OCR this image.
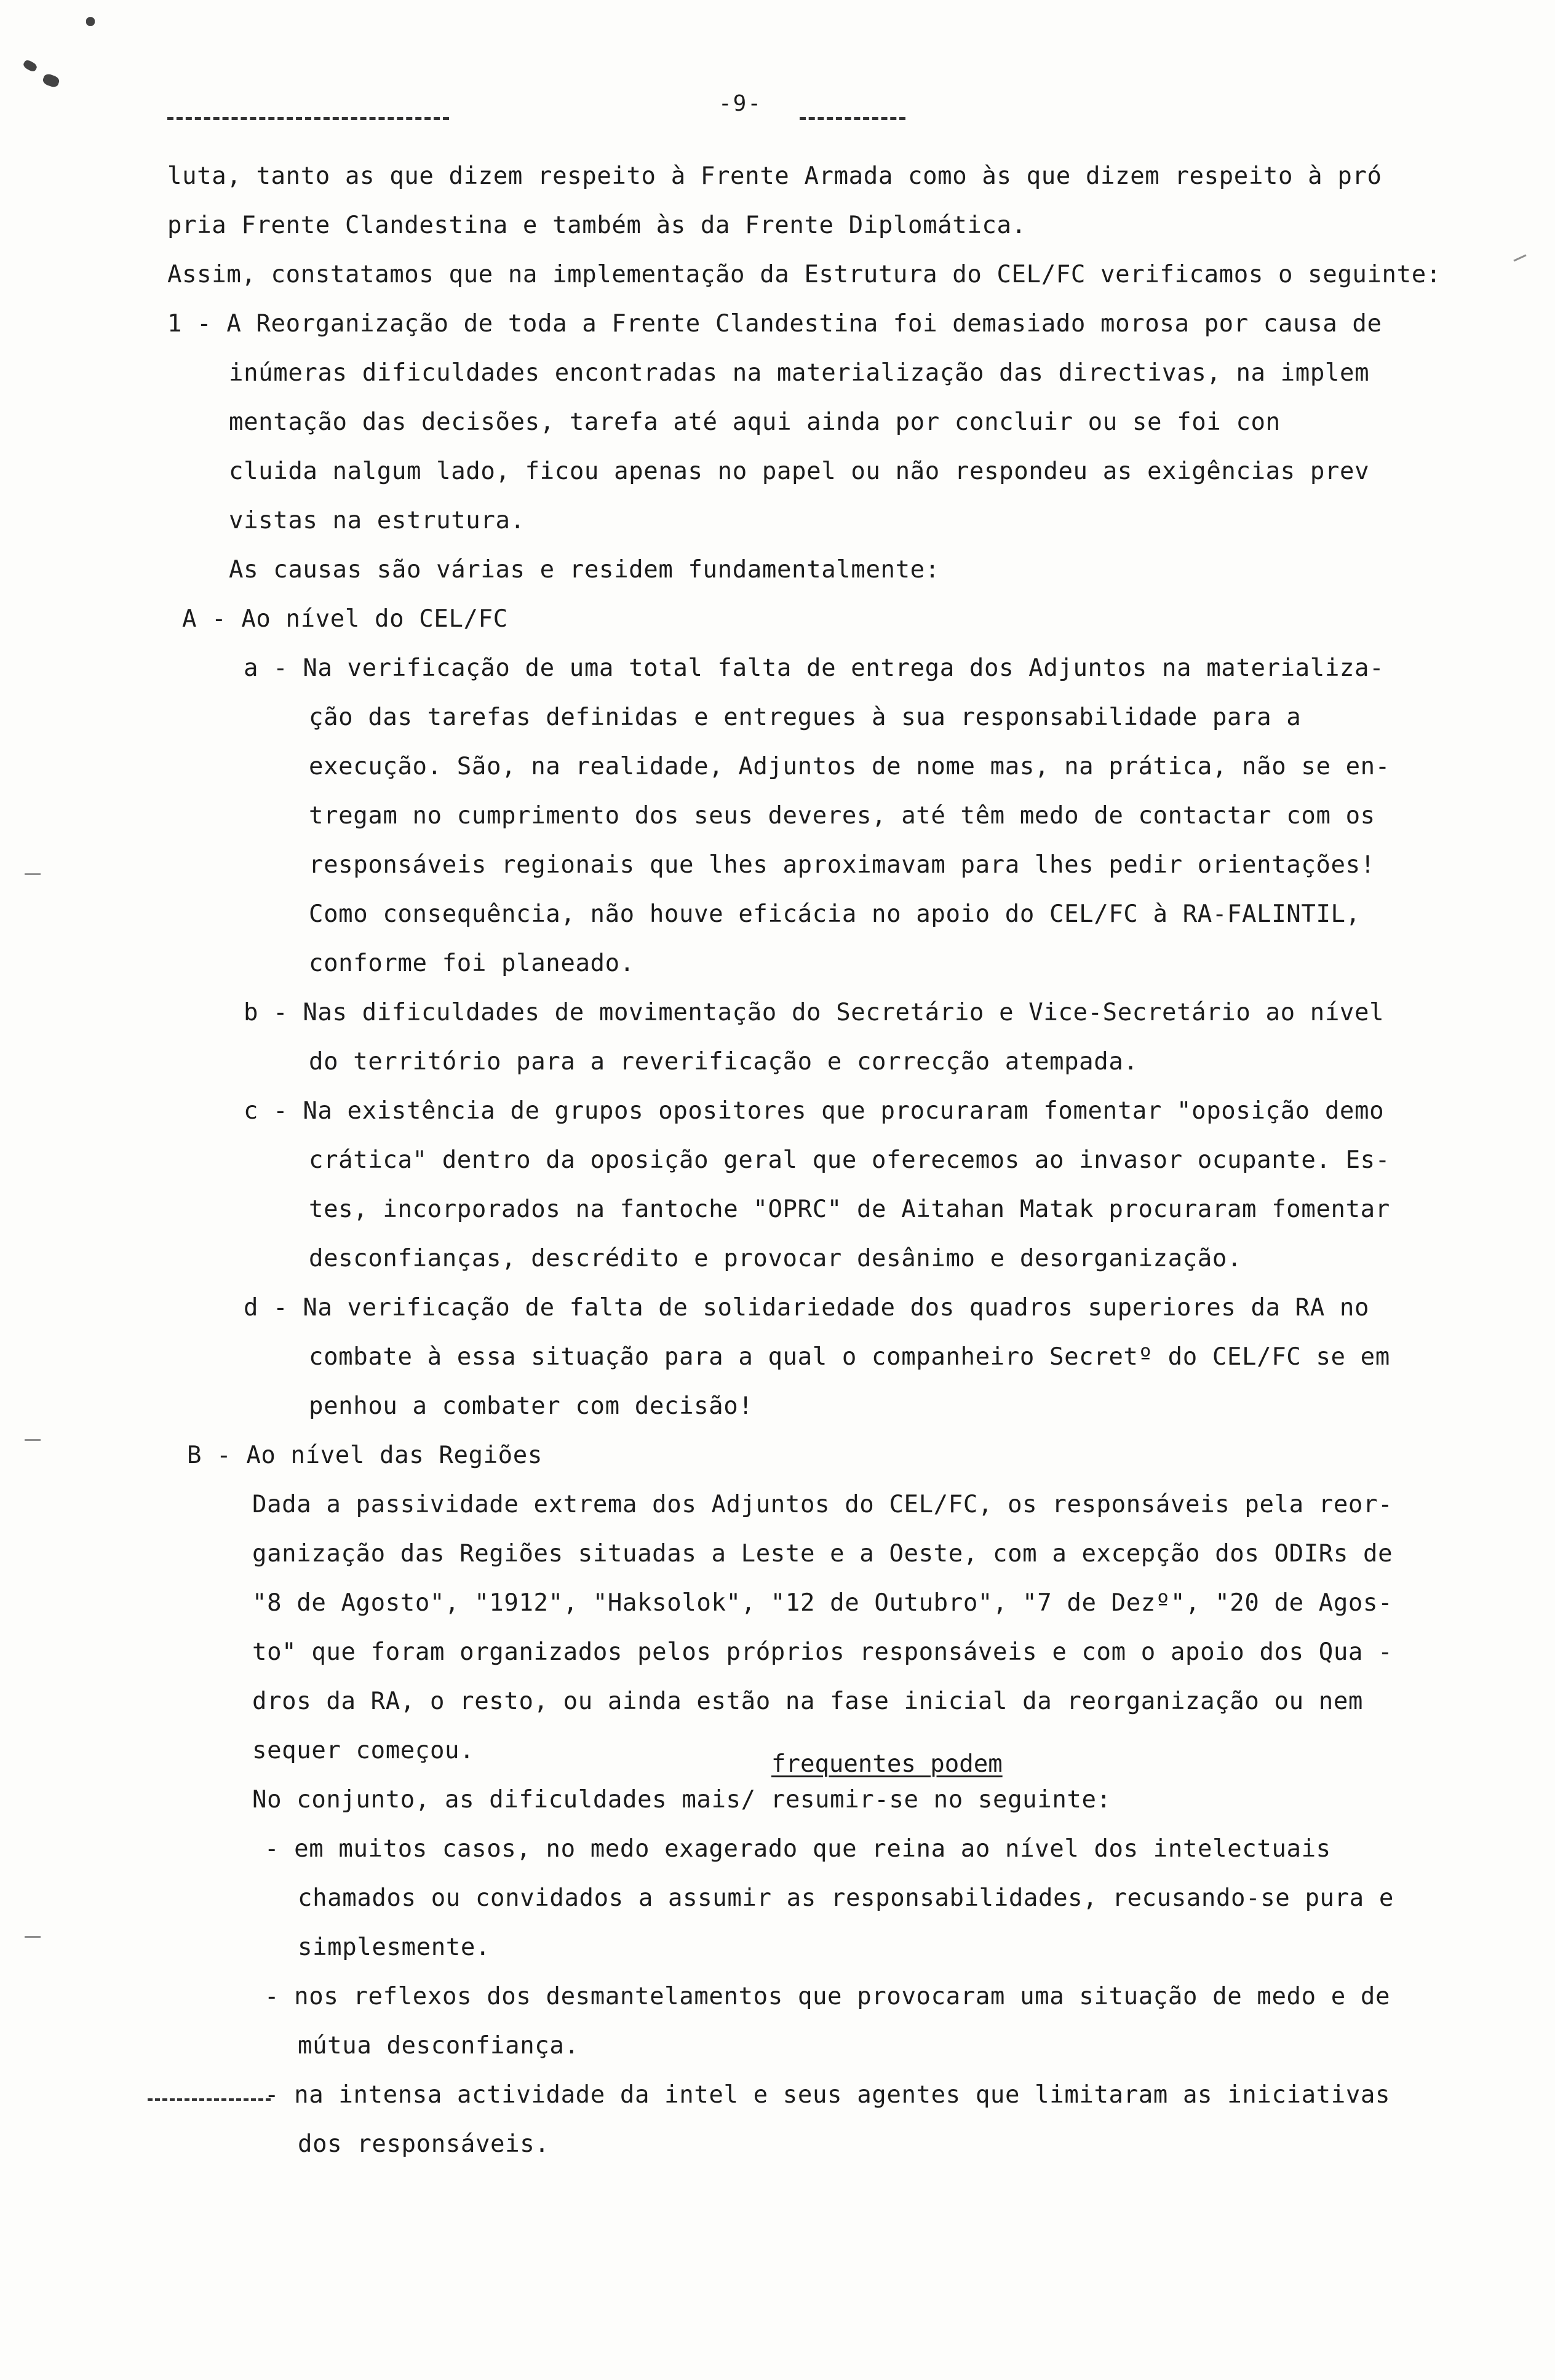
-9-
luta, tanto as que dizem respeito à Frente Armada como às que dizem respeito à pró
pria Frente Clandestina e também às da Frente Diplomática.
Assim, constatamos que na implementação da Estrutura do CEL/FC verificamos o seguinte:
1 - A Reorganização de toda a Frente Clandestina foi demasiado morosa por causa de
inúmeras dificuldades encontradas na materialização das directivas, na implem
mentação das decisões, tarefa até aqui ainda por concluir ou se foi con
cluida nalgum lado, ficou apenas no papel ou não respondeu as exigências prev
vistas na estrutura.
As causas são várias e residem fundamentalmente:
A - Ao nível do CEL/FC
a - Na verificação de uma total falta de entrega dos Adjuntos na materializa-
ção das tarefas definidas e entregues à sua responsabilidade para a
execução. São, na realidade, Adjuntos de nome mas, na prática, não se en-
tregam no cumprimento dos seus deveres, até têm medo de contactar com os
responsáveis regionais que lhes aproximavam para lhes pedir orientações!
Como consequência, não houve eficácia no apoio do CEL/FC à RA-FALINTIL,
conforme foi planeado.
b - Nas dificuldades de movimentação do Secretário e Vice-Secretário ao nível
do território para a reverificação e correcção atempada.
c - Na existência de grupos opositores que procuraram fomentar "oposição demo
crática" dentro da oposição geral que oferecemos ao invasor ocupante. Es-
tes, incorporados na fantoche "OPRC" de Aitahan Matak procuraram fomentar
desconfianças, descrédito e provocar desânimo e desorganização.
d - Na verificação de falta de solidariedade dos quadros superiores da RA no
combate à essa situação para a qual o companheiro Secretº do CEL/FC se em
penhou a combater com decisão!
B - Ao nível das Regiões
Dada a passividade extrema dos Adjuntos do CEL/FC, os responsáveis pela reor-
ganização das Regiões situadas a Leste e a Oeste, com a excepção dos ODIRs de
"8 de Agosto", "1912", "Haksolok", "12 de Outubro", "7 de Dezº", "20 de Agos-
to" que foram organizados pelos próprios responsáveis e com o apoio dos Qua -
dros da RA, o resto, ou ainda estão na fase inicial da reorganização ou nem
sequer começou.	frequentes podem
No conjunto, as dificuldades mais/ resumir-se no seguinte:
- em muitos casos, no medo exagerado que reina ao nível dos intelectuais
chamados ou convidados a assumir as responsabilidades, recusando-se pura e
simplesmente.
- nos reflexos dos desmantelamentos que provocaram uma situação de medo e de
mútua desconfiança.
- na intensa actividade da intel e seus agentes que limitaram as iniciativas
dos responsáveis.
